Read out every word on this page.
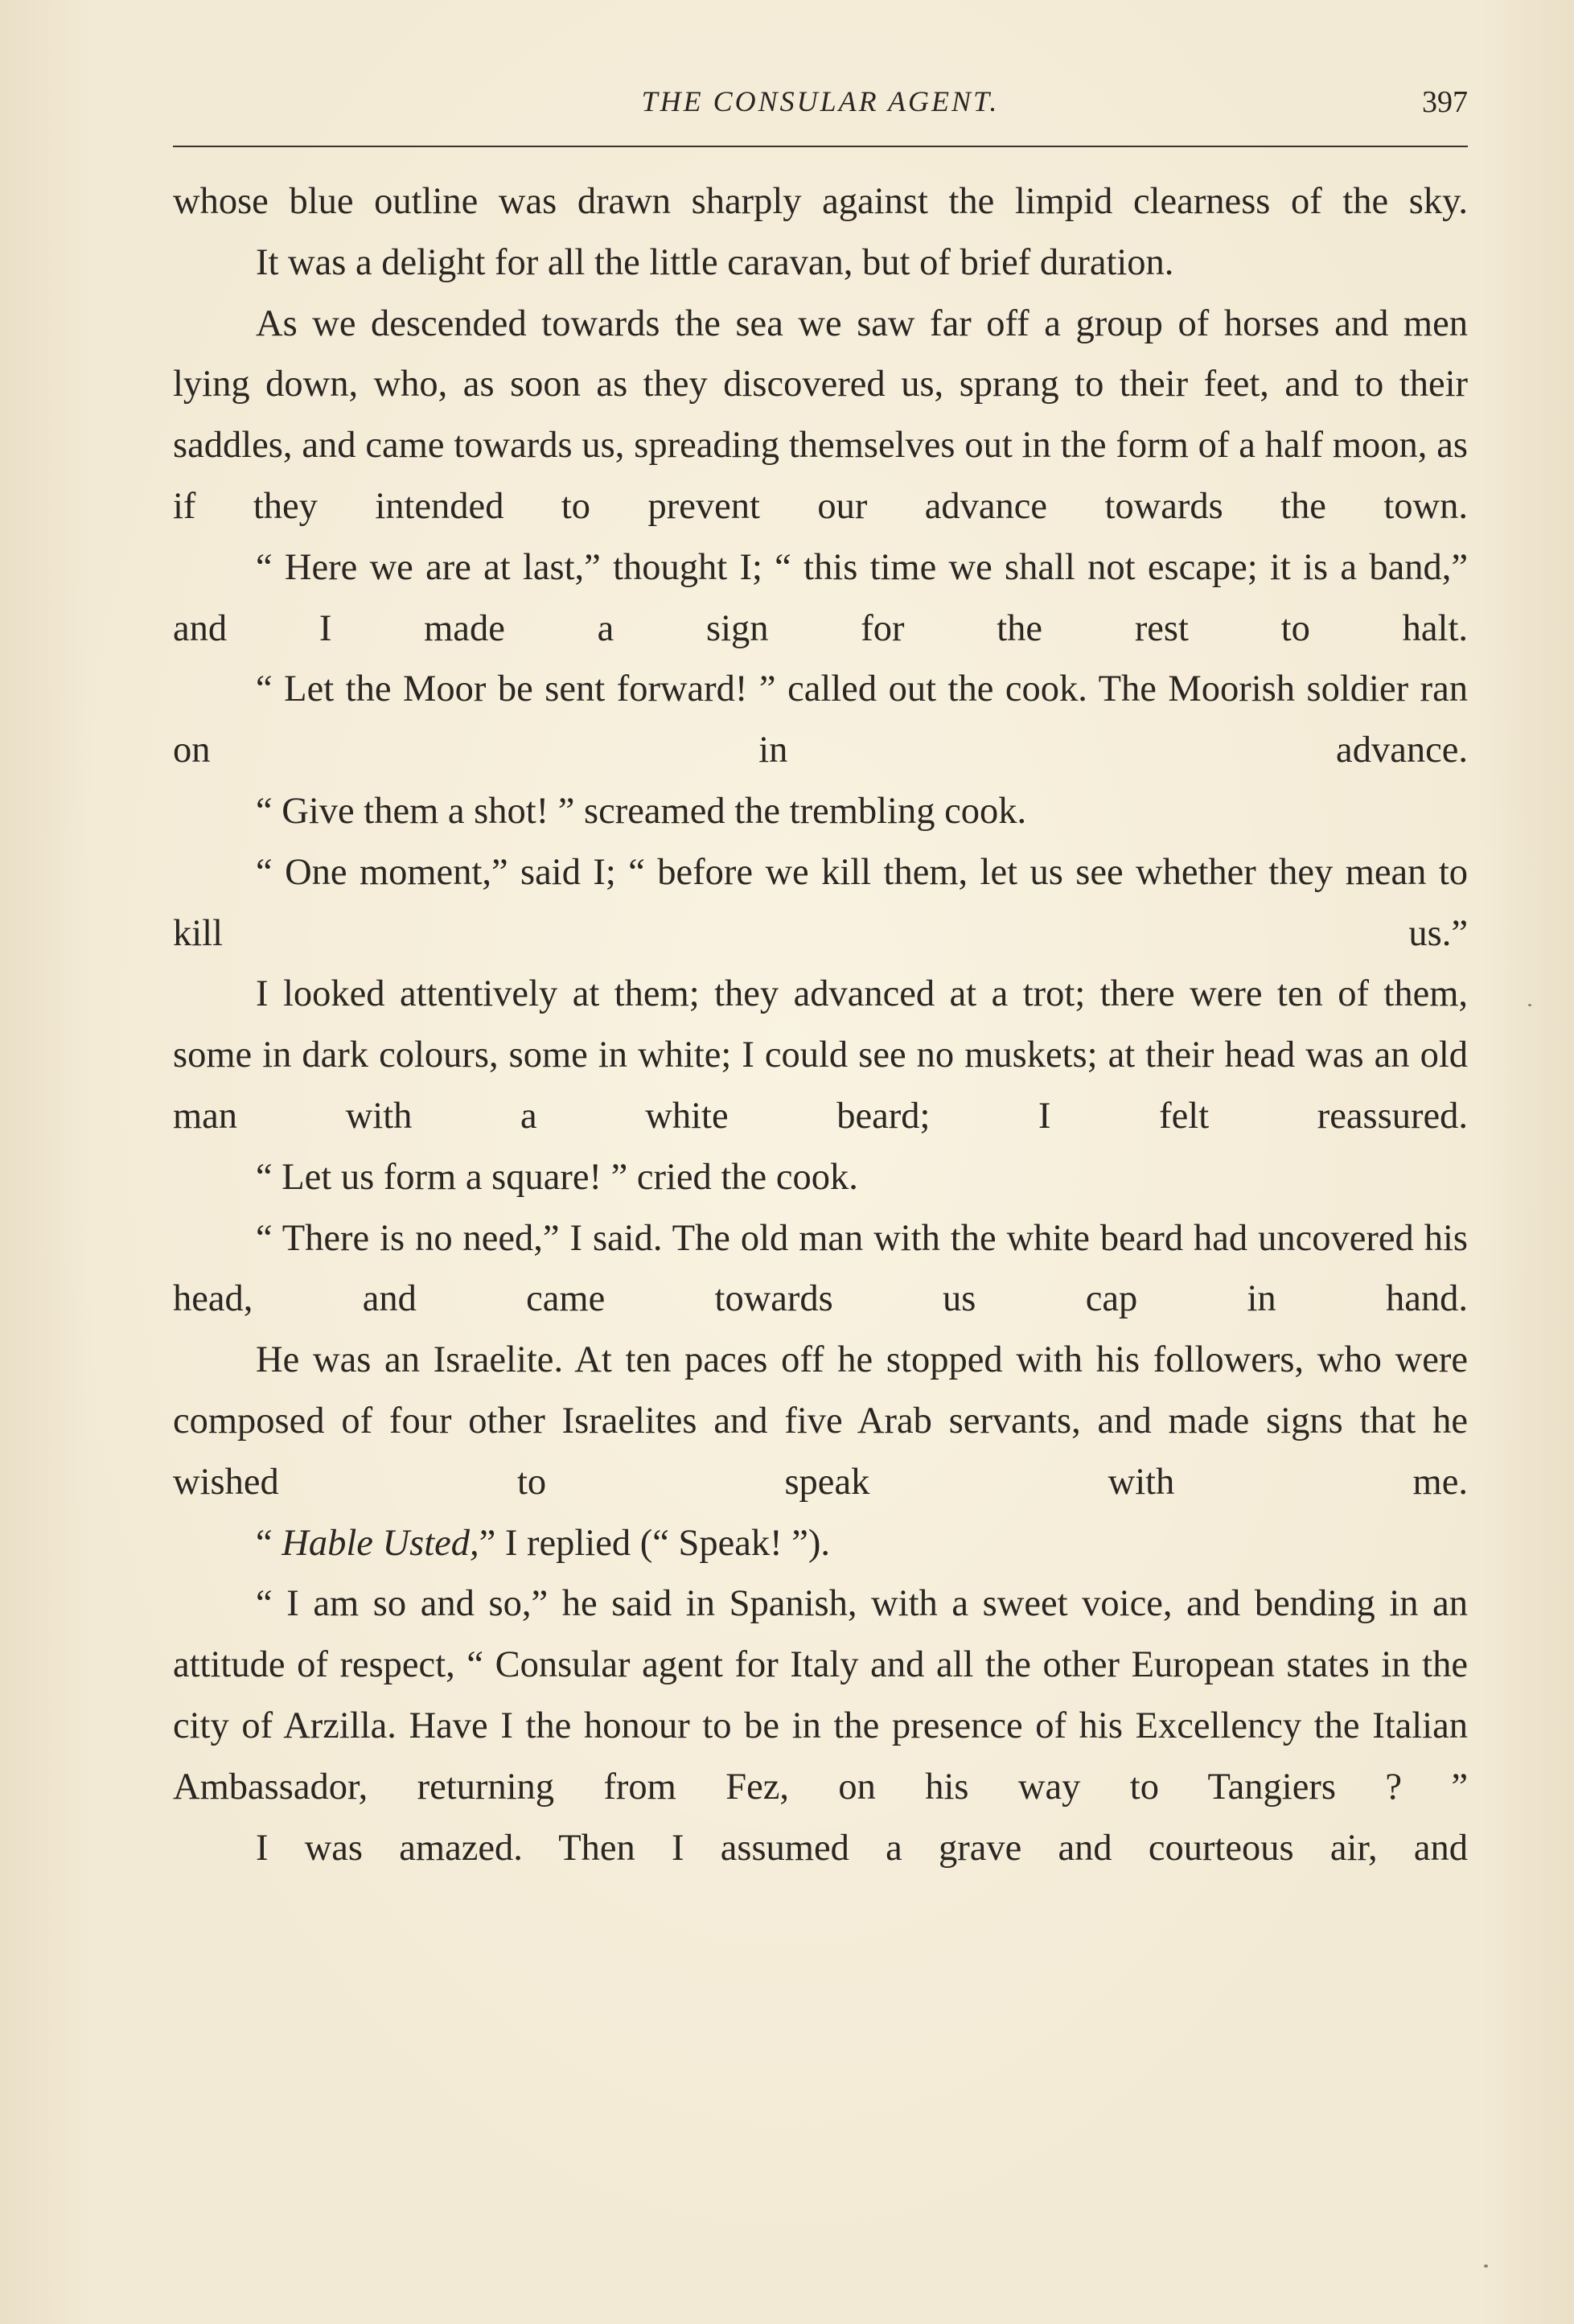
THE CONSULAR AGENT.	397

whose blue outline was drawn sharply against the limpid clearness of the sky.

It was a delight for all the little caravan, but of brief duration.

As we descended towards the sea we saw far off a group of horses and men lying down, who, as soon as they discovered us, sprang to their feet, and to their saddles, and came towards us, spreading themselves out in the form of a half moon, as if they intended to prevent our advance towards the town.

“ Here we are at last,” thought I; “ this time we shall not escape; it is a band,” and I made a sign for the rest to halt.

“ Let the Moor be sent forward! ” called out the cook. The Moorish soldier ran on in advance.

“ Give them a shot! ” screamed the trembling cook.

“ One moment,” said I; “ before we kill them, let us see whether they mean to kill us.”

I looked attentively at them; they advanced at a trot; there were ten of them, some in dark colours, some in white; I could see no muskets; at their head was an old man with a white beard; I felt reassured.

“ Let us form a square! ” cried the cook.

“ There is no need,” I said. The old man with the white beard had uncovered his head, and came towards us cap in hand.

He was an Israelite. At ten paces off he stopped with his followers, who were composed of four other Israelites and five Arab servants, and made signs that he wished to speak with me.

“ Hable Usted,” I replied (“ Speak! ”).

“ I am so and so,” he said in Spanish, with a sweet voice, and bending in an attitude of respect, “ Consular agent for Italy and all the other European states in the city of Arzilla. Have I the honour to be in the presence of his Excellency the Italian Ambassador, returning from Fez, on his way to Tangiers ? ”

I was amazed. Then I assumed a grave and courteous air, and
